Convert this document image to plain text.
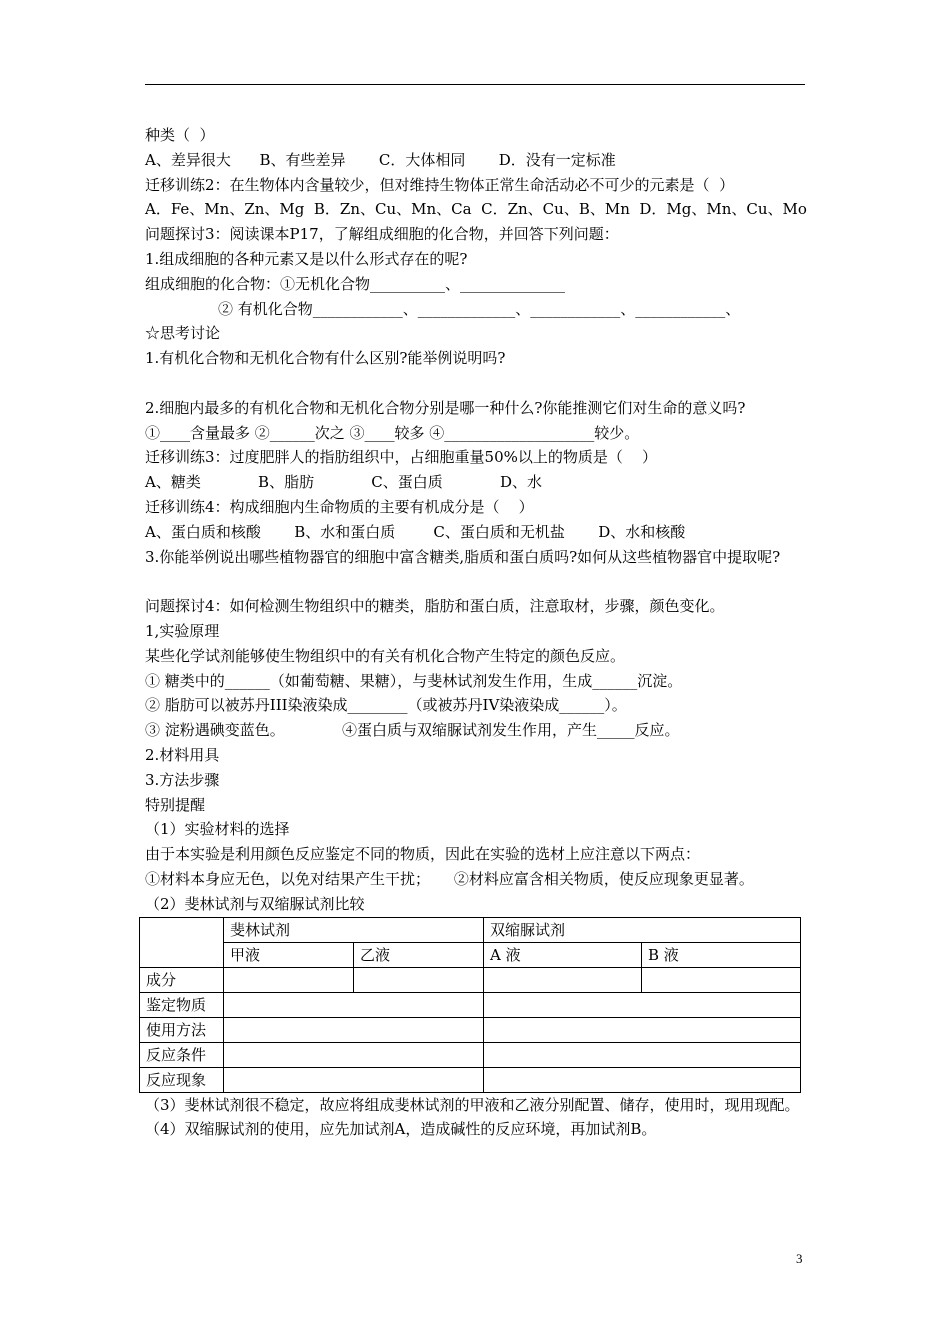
种类（  ）
A、差异很大      B、有些差异       C．大体相同       D．没有一定标准
迁移训练2：在生物体内含量较少，但对维持生物体正常生命活动必不可少的元素是（  ）
A．Fe、Mn、Zn、Mg  B．Zn、Cu、Mn、Ca  C．Zn、Cu、B、Mn  D．Mg、Mn、Cu、Mo
问题探讨3：阅读课本P17，了解组成细胞的化合物，并回答下列问题：
1.组成细胞的各种元素又是以什么形式存在的呢?
组成细胞的化合物：①无机化合物__________、______________
② 有机化合物____________、_____________、____________、____________、
☆思考讨论
1.有机化合物和无机化合物有什么区别?能举例说明吗?
2.细胞内最多的有机化合物和无机化合物分别是哪一种什么?你能推测它们对生命的意义吗?
①____含量最多 ②______次之 ③____较多 ④____________________较少。
迁移训练3：过度肥胖人的指肪组织中，占细胞重量50%以上的物质是（    ）
A、糖类            B、脂肪            C、蛋白质            D、水
迁移训练4：构成细胞内生命物质的主要有机成分是（    ）
A、蛋白质和核酸       B、水和蛋白质        C、蛋白质和无机盐       D、水和核酸
3.你能举例说出哪些植物器官的细胞中富含糖类,脂质和蛋白质吗?如何从这些植物器官中提取呢?
问题探讨4：如何检测生物组织中的糖类，脂肪和蛋白质，注意取材，步骤，颜色变化。
1,实验原理
某些化学试剂能够使生物组织中的有关有机化合物产生特定的颜色反应。
① 糖类中的______（如葡萄糖、果糖），与斐林试剂发生作用，生成______沉淀。
② 脂肪可以被苏丹III染液染成________（或被苏丹IV染液染成______）。
③ 淀粉遇碘变蓝色。            ④蛋白质与双缩脲试剂发生作用，产生_____反应。
2.材料用具
3.方法步骤
特别提醒
（1）实验材料的选择
由于本实验是利用颜色反应鉴定不同的物质，因此在实验的选材上应注意以下两点：
①材料本身应无色，以免对结果产生干扰；     ②材料应富含相关物质，使反应现象更显著。
（2）斐林试剂与双缩脲试剂比较
	斐林试剂		双缩脲试剂	
	甲液	乙液	A 液	B 液
成分				
鉴定物质				
使用方法				
反应条件				
反应现象				
（3）斐林试剂很不稳定，故应将组成斐林试剂的甲液和乙液分别配置、储存，使用时，现用现配。
（4）双缩脲试剂的使用，应先加试剂A，造成碱性的反应环境，再加试剂B。
3
